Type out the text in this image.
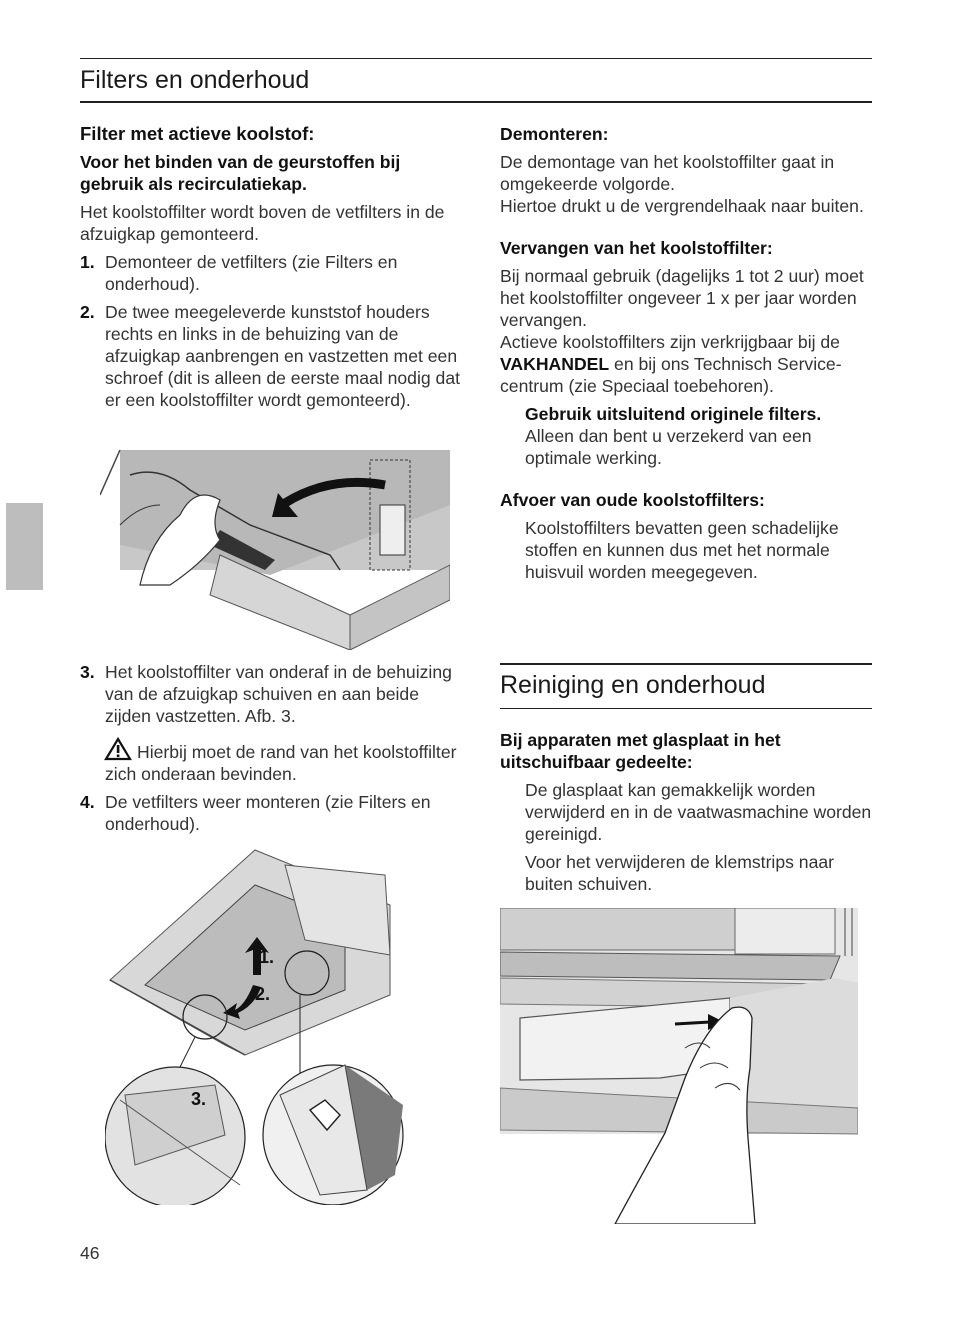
Filters en onderhoud

Filter met actieve koolstof:

Voor het binden van de geurstoffen bij gebruik als recirculatiekap.

Het koolstoffilter wordt boven de vetfilters in de afzuigkap gemonteerd.

1. Demonteer de vetfilters (zie Filters en onderhoud).

2. De twee meegeleverde kunststof houders rechts en links in de behuizing van de afzuigkap aanbrengen en vastzetten met een schroef (dit is alleen de eerste maal nodig dat er een koolstoffilter wordt gemonteerd).

3. Het koolstoffilter van onderaf in de behuizing van de afzuigkap schuiven en aan beide zijden vastzetten. Afb. 3.

Hierbij moet de rand van het koolstoffilter zich onderaan bevinden.

4. De vetfilters weer monteren (zie Filters en onderhoud).

1.
2.
3.

Demonteren:

De demontage van het koolstoffilter gaat in omgekeerde volgorde.

Hiertoe drukt u de vergrendelhaak naar buiten.

Vervangen van het koolstoffilter:

Bij normaal gebruik (dagelijks 1 tot 2 uur) moet het koolstoffilter ongeveer 1 x per jaar worden vervangen.

Actieve koolstoffilters zijn verkrijgbaar bij de VAKHANDEL en bij ons Technisch Service-centrum (zie Speciaal toebehoren).

Gebruik uitsluitend originele filters.

Alleen dan bent u verzekerd van een optimale werking.

Afvoer van oude koolstoffilters:

Koolstoffilters bevatten geen schadelijke stoffen en kunnen dus met het normale huisvuil worden meegegeven.

Reiniging en onderhoud

Bij apparaten met glasplaat in het uitschuifbaar gedeelte:

De glasplaat kan gemakkelijk worden verwijderd en in de vaatwasmachine worden gereinigd.

Voor het verwijderen de klemstrips naar buiten schuiven.

46
